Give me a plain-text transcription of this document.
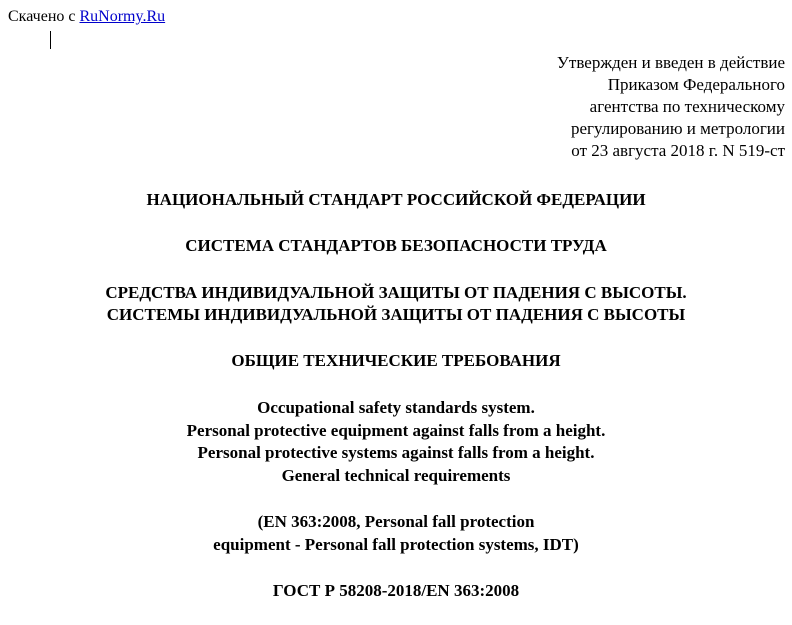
Скачено с RuNormy.Ru
Утвержден и введен в действие
Приказом Федерального
агентства по техническому
регулированию и метрологии
от 23 августа 2018 г. N 519-ст
НАЦИОНАЛЬНЫЙ СТАНДАРТ РОССИЙСКОЙ ФЕДЕРАЦИИ
СИСТЕМА СТАНДАРТОВ БЕЗОПАСНОСТИ ТРУДА
СРЕДСТВА ИНДИВИДУАЛЬНОЙ ЗАЩИТЫ ОТ ПАДЕНИЯ С ВЫСОТЫ.
СИСТЕМЫ ИНДИВИДУАЛЬНОЙ ЗАЩИТЫ ОТ ПАДЕНИЯ С ВЫСОТЫ
ОБЩИЕ ТЕХНИЧЕСКИЕ ТРЕБОВАНИЯ
Occupational safety standards system.
Personal protective equipment against falls from a height.
Personal protective systems against falls from a height.
General technical requirements
(EN 363:2008, Personal fall protection
equipment - Personal fall protection systems, IDT)
ГОСТ Р 58208-2018/EN 363:2008
